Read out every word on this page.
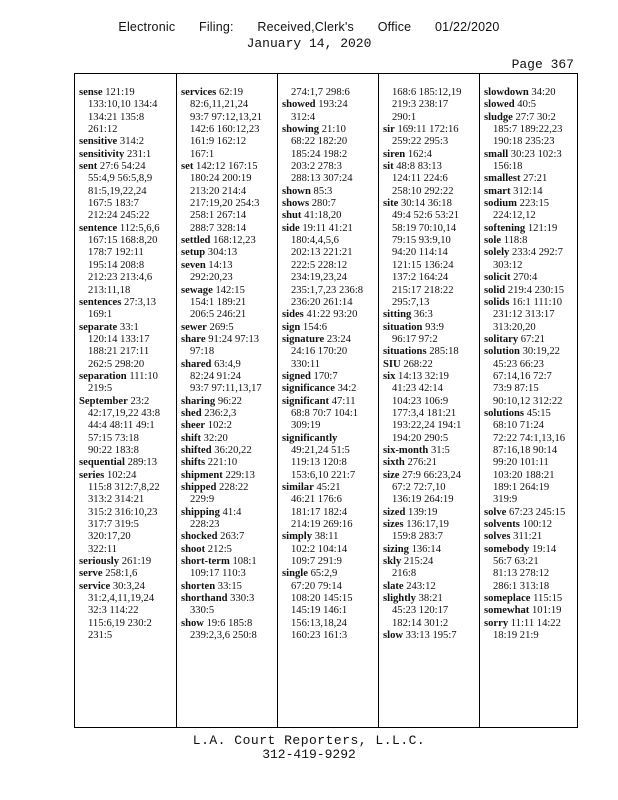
Electronic Filing: Received,Clerk's Office 01/22/2020
January 14, 2020
Page 367
sense 121:19
133:10,10 134:4
134:21 135:8
261:12
sensitive 314:2
sensitivity 231:1
sent 27:6 54:24
55:4,9 56:5,8,9
81:5,19,22,24
167:5 183:7
212:24 245:22
sentence 112:5,6,6
167:15 168:8,20
178:7 192:11
195:14 208:8
212:23 213:4,6
213:11,18
sentences 27:3,13
169:1
separate 33:1
120:14 133:17
188:21 217:11
262:5 298:20
separation 111:10
219:5
September 23:2
42:17,19,22 43:8
44:4 48:11 49:1
57:15 73:18
90:22 183:8
sequential 289:13
series 102:24
115:8 312:7,8,22
313:2 314:21
315:2 316:10,23
317:7 319:5
320:17,20
322:11
seriously 261:19
serve 258:1,6
service 30:3,24
31:2,4,11,19,24
32:3 114:22
115:6,19 230:2
231:5
services 62:19
82:6,11,21,24
93:7 97:12,13,21
142:6 160:12,23
161:9 162:12
167:1
set 142:12 167:15
180:24 200:19
213:20 214:4
217:19,20 254:3
258:1 267:14
288:7 328:14
settled 168:12,23
setup 304:13
seven 14:13
292:20,23
sewage 142:15
154:1 189:21
206:5 246:21
sewer 269:5
share 91:24 97:13
97:18
shared 63:4,9
82:24 91:24
93:7 97:11,13,17
sharing 96:22
shed 236:2,3
sheer 102:2
shift 32:20
shifted 36:20,22
shifts 221:10
shipment 229:13
shipped 228:22
229:9
shipping 41:4
228:23
shocked 263:7
shoot 212:5
short-term 108:1
109:17 110:3
shorten 33:15
shorthand 330:3
330:5
show 19:6 185:8
239:2,3,6 250:8
274:1,7 298:6
showed 193:24
312:4
showing 21:10
68:22 182:20
185:24 198:2
203:2 278:3
288:13 307:24
shown 85:3
shows 280:7
shut 41:18,20
side 19:11 41:21
180:4,4,5,6
202:13 221:21
222:5 228:12
234:19,23,24
235:1,7,23 236:8
236:20 261:14
sides 41:22 93:20
sign 154:6
signature 23:24
24:16 170:20
330:11
signed 170:7
significance 34:2
significant 47:11
68:8 70:7 104:1
309:19
significantly
49:21,24 51:5
119:13 120:8
153:6,10 221:7
similar 45:21
46:21 176:6
181:17 182:4
214:19 269:16
simply 38:11
102:2 104:14
109:7 291:9
single 65:2,9
67:20 79:14
108:20 145:15
145:19 146:1
156:13,18,24
160:23 161:3
168:6 185:12,19
219:3 238:17
290:1
sir 169:11 172:16
259:22 295:3
siren 162:4
sit 48:8 83:13
124:11 224:6
258:10 292:22
site 30:14 36:18
49:4 52:6 53:21
58:19 70:10,14
79:15 93:9,10
94:20 114:14
121:15 136:24
137:2 164:24
215:17 218:22
295:7,13
sitting 36:3
situation 93:9
96:17 97:2
situations 285:18
SIU 268:22
six 14:13 32:19
41:23 42:14
104:23 106:9
177:3,4 181:21
193:22,24 194:1
194:20 290:5
six-month 31:5
sixth 276:21
size 27:9 66:23,24
67:2 72:7,10
136:19 264:19
sized 139:19
sizes 136:17,19
159:8 283:7
sizing 136:14
skly 215:24
216:8
slate 243:12
slightly 38:21
45:23 120:17
182:14 301:2
slow 33:13 195:7
slowdown 34:20
slowed 40:5
sludge 27:7 30:2
185:7 189:22,23
190:18 235:23
small 30:23 102:3
156:18
smallest 27:21
smart 312:14
sodium 223:15
224:12,12
softening 121:19
sole 118:8
solely 233:4 292:7
303:12
solicit 270:4
solid 219:4 230:15
solids 16:1 111:10
231:12 313:17
313:20,20
solitary 67:21
solution 30:19,22
45:23 66:23
67:14,16 72:7
73:9 87:15
90:10,12 312:22
solutions 45:15
68:10 71:24
72:22 74:1,13,16
87:16,18 90:14
99:20 101:11
103:20 188:21
189:1 264:19
319:9
solve 67:23 245:15
solvents 100:12
solves 311:21
somebody 19:14
56:7 63:21
81:13 278:12
286:1 313:18
someplace 115:15
somewhat 101:19
sorry 11:11 14:22
18:19 21:9
L.A. Court Reporters, L.L.C.
312-419-9292
